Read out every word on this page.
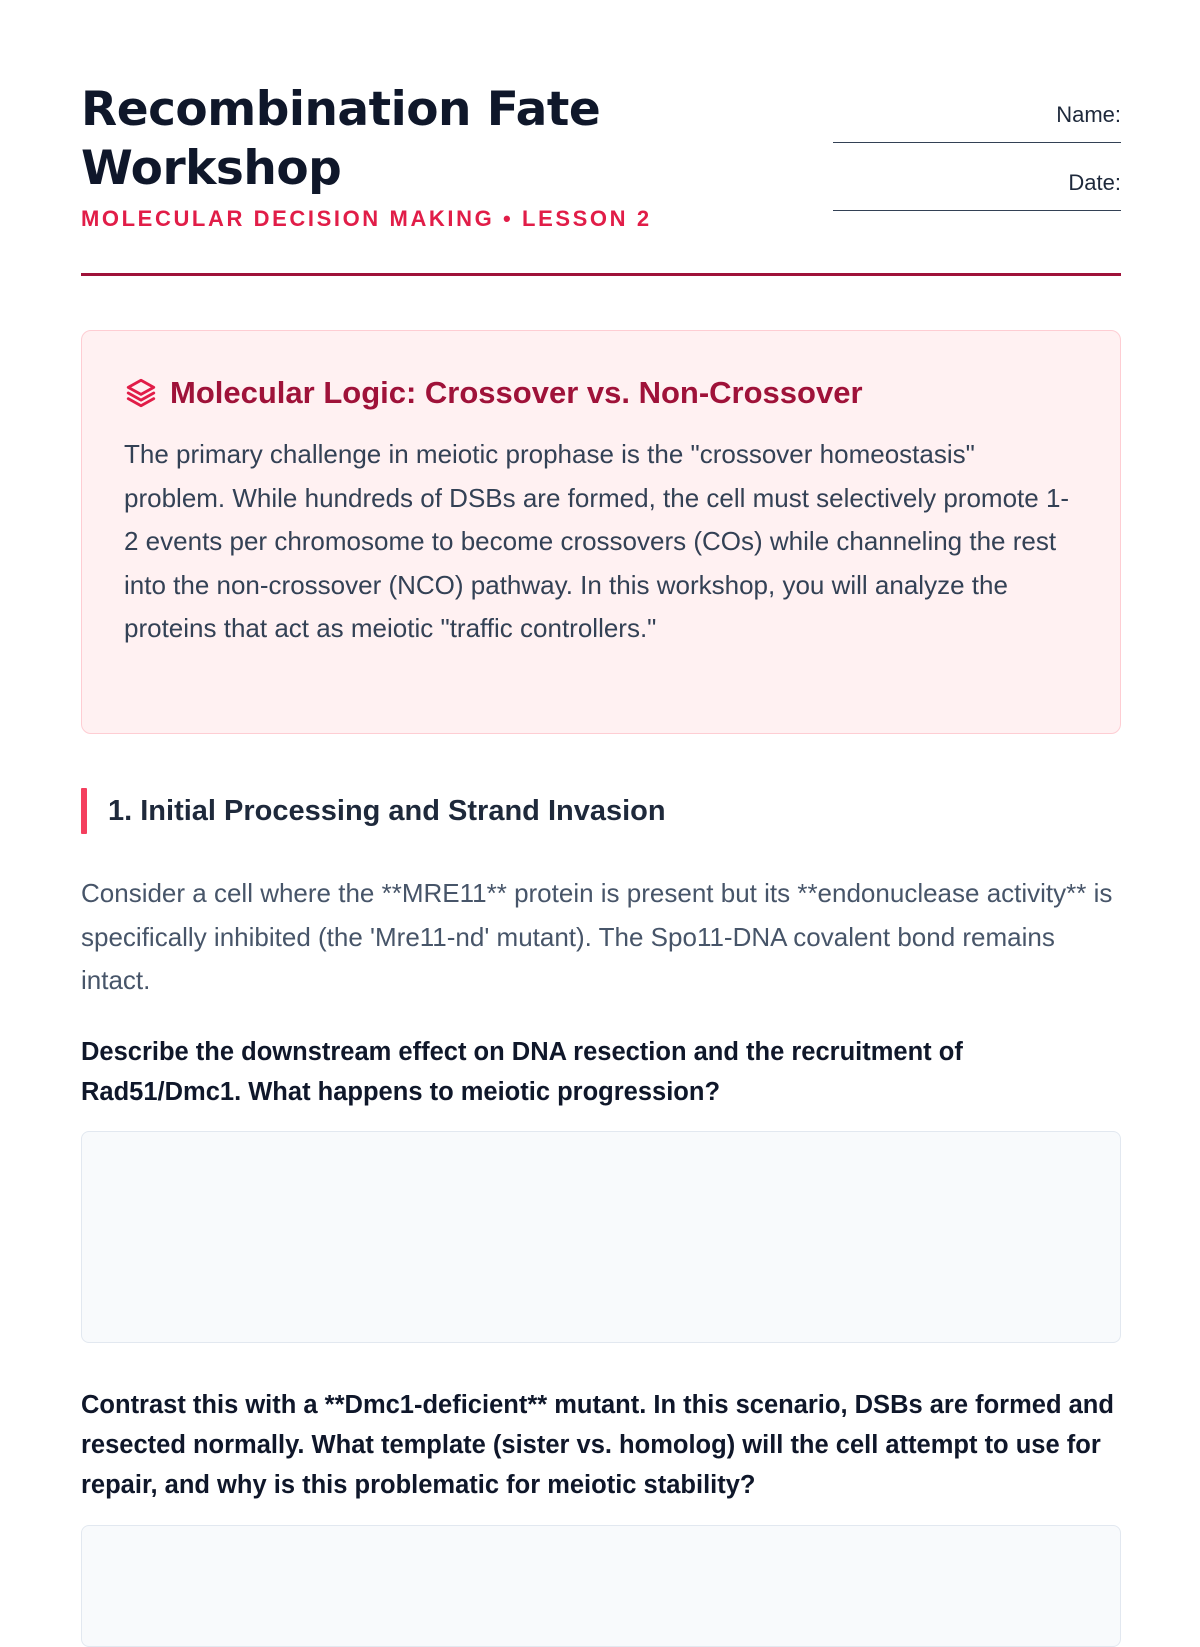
Recombination Fate Workshop
MOLECULAR DECISION MAKING • LESSON 2
Name:
Date:
Molecular Logic: Crossover vs. Non-Crossover

The primary challenge in meiotic prophase is the "crossover homeostasis" problem. While hundreds of DSBs are formed, the cell must selectively promote 1-2 events per chromosome to become crossovers (COs) while channeling the rest into the non-crossover (NCO) pathway. In this workshop, you will analyze the proteins that act as meiotic "traffic controllers."

1. Initial Processing and Strand Invasion

Consider a cell where the **MRE11** protein is present but its **endonuclease activity** is specifically inhibited (the 'Mre11-nd' mutant). The Spo11-DNA covalent bond remains intact.

Describe the downstream effect on DNA resection and the recruitment of Rad51/Dmc1. What happens to meiotic progression?

Contrast this with a **Dmc1-deficient** mutant. In this scenario, DSBs are formed and resected normally. What template (sister vs. homolog) will the cell attempt to use for repair, and why is this problematic for meiotic stability?
